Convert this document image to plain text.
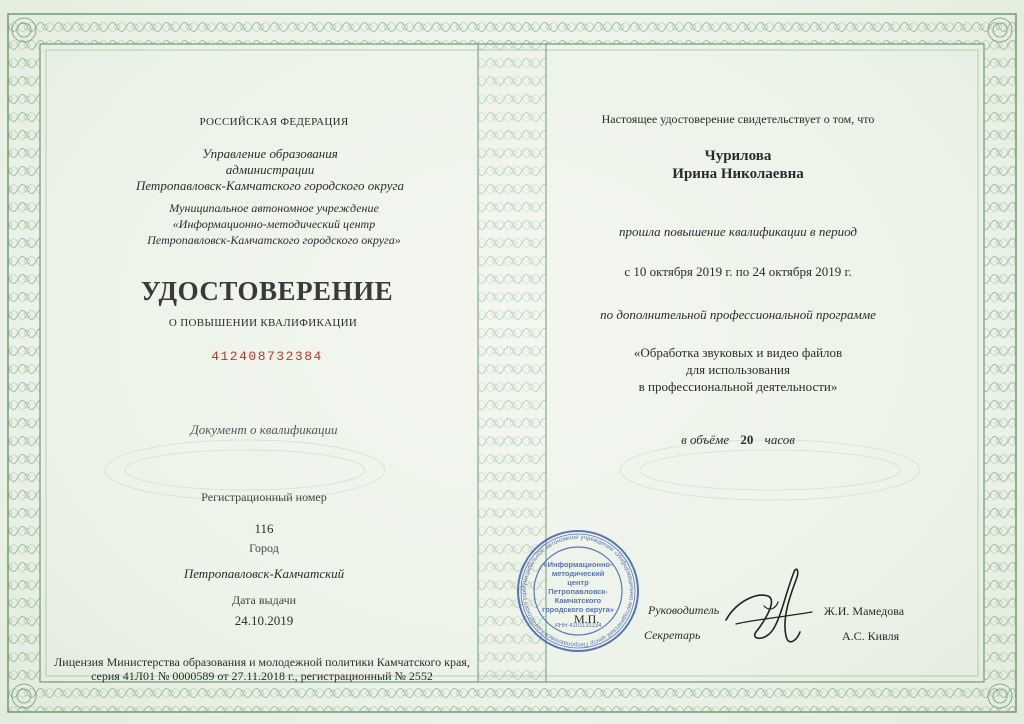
РОССИЙСКАЯ ФЕДЕРАЦИЯ
Управление образования
администрации
Петропавловск-Камчатского городского округа
Муниципальное автономное учреждение
«Информационно-методический центр
Петропавловск-Камчатского городского округа»
УДОСТОВЕРЕНИЕ
О ПОВЫШЕНИИ КВАЛИФИКАЦИИ
412408732384
Документ о квалификации
Регистрационный номер
116
Город
Петропавловск-Камчатский
Дата выдачи
24.10.2019
Лицензия Министерства образования и молодежной политики Камчатского края,
серия 41Л01 № 0000589 от 27.11.2018 г., регистрационный № 2552
Настоящее удостоверение свидетельствует о том, что
Чурилова
Ирина Николаевна
прошла повышение квалификации в период
с 10 октября 2019 г. по 24 октября 2019 г.
по дополнительной профессиональной программе
«Обработка звуковых и видео файлов
для использования
в профессиональной деятельности»
в объёме 20 часов
Руководитель	Ж.И. Мамедова
Секретарь	А.С. Кивля
Муниципальное автономное учреждение «Информационно-методический центр Петропавловск-Камчатского гор
«Информационно-
методический
центр
Петропавловск-
Камчатского
городского округа»
ИНН 4101131134
М.П.
